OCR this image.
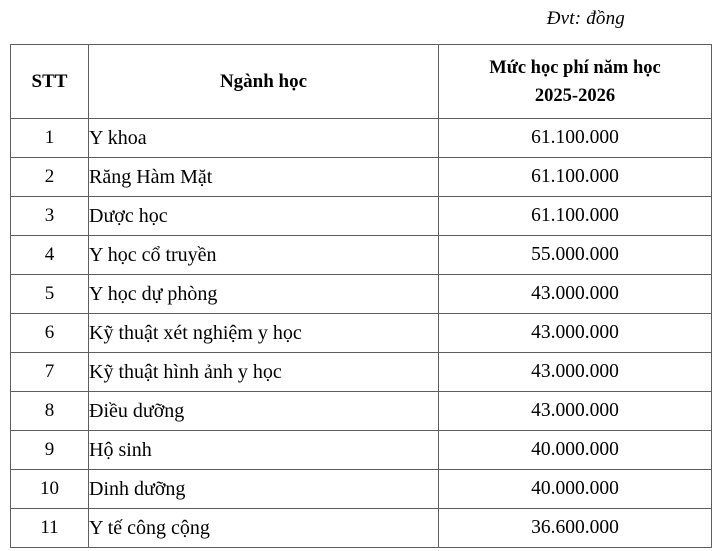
Đvt: đồng
STT	Ngành học	Mức học phí năm học
2025-2026

1	Y khoa	61.100.000
2	Răng Hàm Mặt	61.100.000
3	Dược học	61.100.000
4	Y học cổ truyền	55.000.000
5	Y học dự phòng	43.000.000
6	Kỹ thuật xét nghiệm y học	43.000.000
7	Kỹ thuật hình ảnh y học	43.000.000
8	Điều dưỡng	43.000.000
9	Hộ sinh	40.000.000
10	Dinh dưỡng	40.000.000
11	Y tế công cộng	36.600.000
